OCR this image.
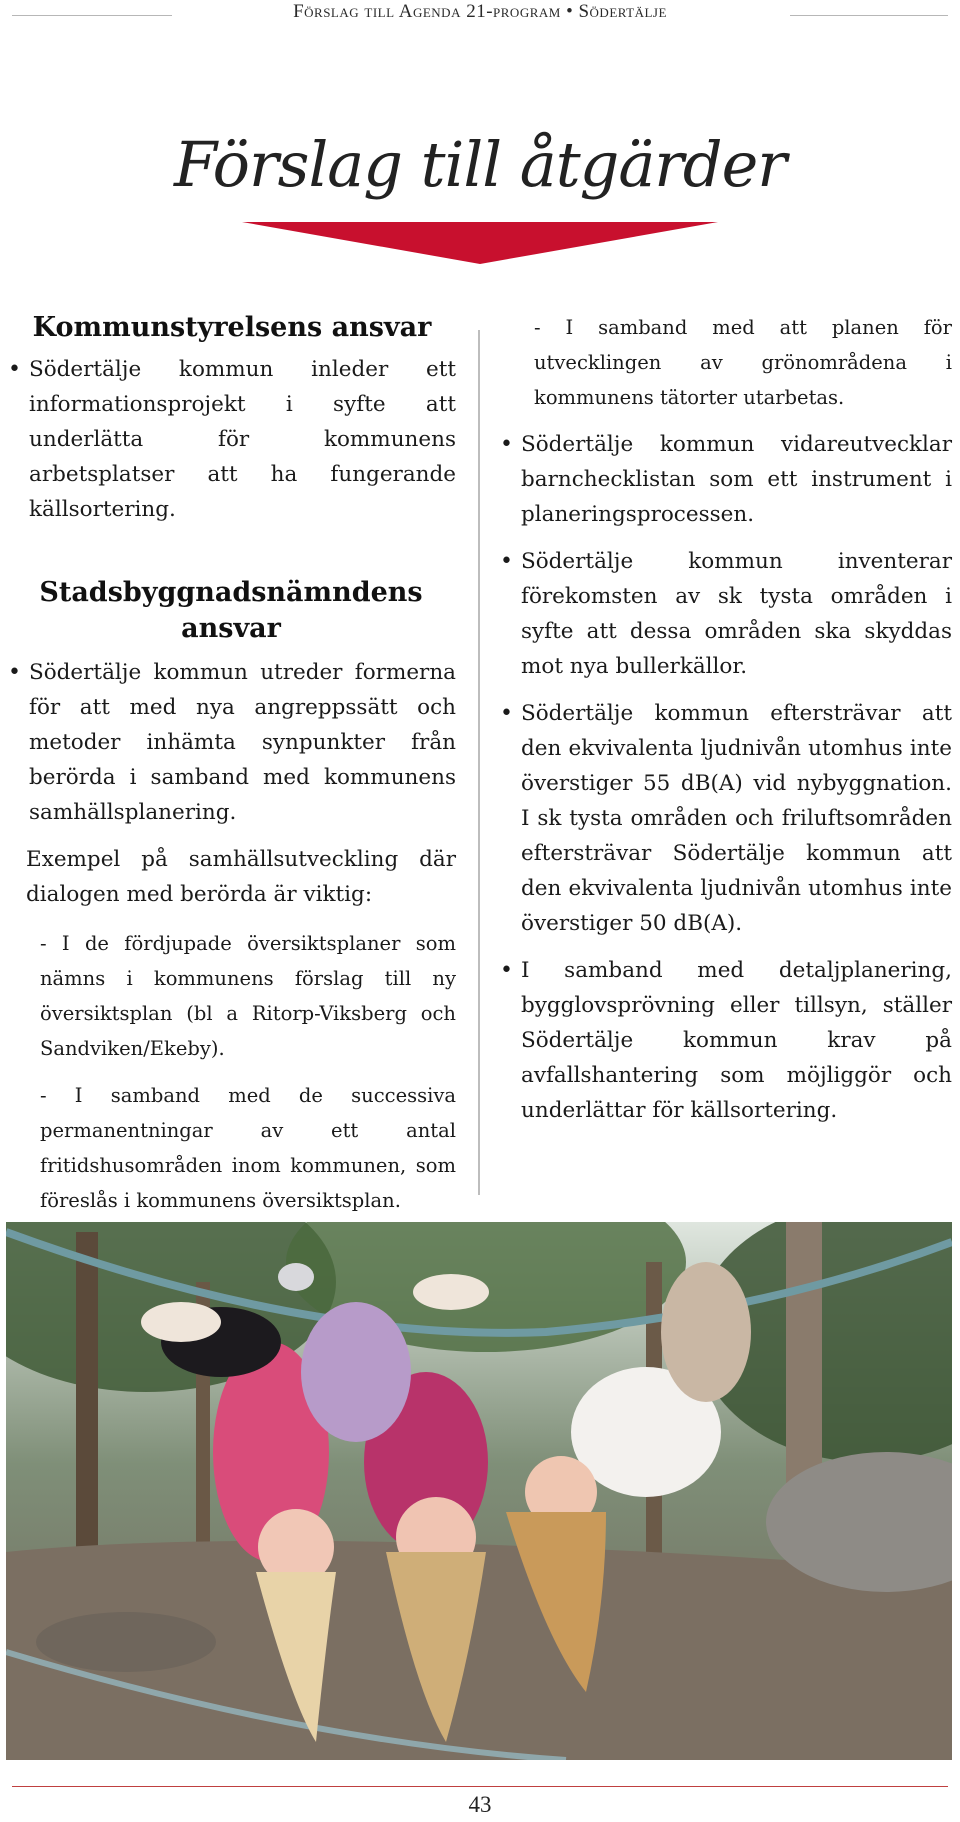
Förslag till Agenda 21-program • Södertälje
Förslag till åtgärder
Kommunstyrelsens ansvar

• Södertälje kommun inleder ett informationsprojekt i syfte att underlätta för kommunens arbetsplatser att ha fungerande källsortering.

Stadsbyggnadsnämndens ansvar

• Södertälje kommun utreder formerna för att med nya angreppssätt och metoder inhämta synpunkter från berörda i samband med kommunens samhällsplanering.

Exempel på samhällsutveckling där dialogen med berörda är viktig:

- I de fördjupade översiktsplaner som nämns i kommunens förslag till ny översiktsplan (bl a Ritorp-Viksberg och Sandviken/Ekeby).

- I samband med de successiva permanentningar av ett antal fritidshusområden inom kommunen, som föreslås i kommunens översiktsplan.

- I samband med att planen för utvecklingen av grönområdena i kommunens tätorter utarbetas.

• Södertälje kommun vidareutvecklar barnchecklistan som ett instrument i planeringsprocessen.

• Södertälje kommun inventerar förekomsten av sk tysta områden i syfte att dessa områden ska skyddas mot nya bullerkällor.

• Södertälje kommun eftersträvar att den ekvivalenta ljudnivån utomhus inte överstiger 55 dB(A) vid nybyggnation. I sk tysta områden och friluftsområden eftersträvar Södertälje kommun att den ekvivalenta ljudnivån utomhus inte överstiger 50 dB(A).

• I samband med detaljplanering, bygglovsprövning eller tillsyn, ställer Södertälje kommun krav på avfallshantering som möjliggör och underlättar för källsortering.

43
